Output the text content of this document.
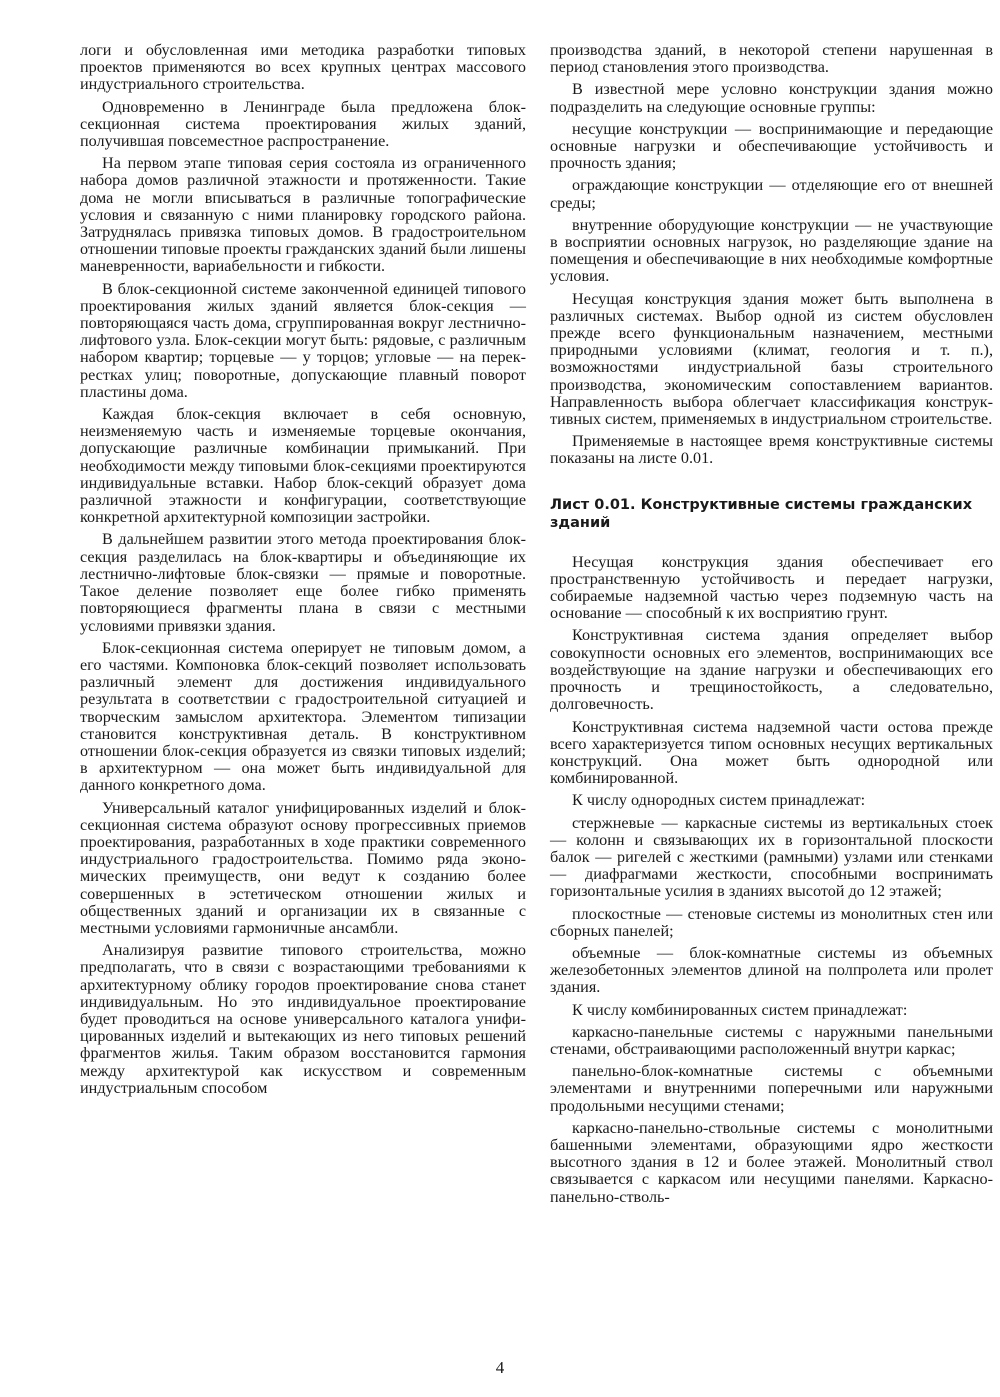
логи и обусловленная ими методика разработки типовых проектов применяются во всех крупных центрах массового индустриального строительства.

Одновременно в Ленинграде была предложена блок-секционная система проектирования жилых зданий, получившая повсеместное распространение.

На первом этапе типовая серия состояла из ограниченного набора домов различной этажности и протяженности. Такие дома не могли вписываться в различные топографические условия и связанную с ними планировку городского района. Затруднялась привязка типовых домов. В градостроительном отношении типовые проекты гражданских зданий были лишены маневренности, вариабельности и гибкости.

В блок-секционной системе законченной единицей типового проектирования жилых зданий является блок-секция — повторяющаяся часть дома, сгруппированная вокруг лестнично-лифтового узла. Блок-секции могут быть: рядовые, с различным набором квартир; торцевые — у торцов; угловые — на перекрестках улиц; поворотные, допускающие плавный поворот пластины дома.

Каждая блок-секция включает в себя основную, неизменяемую часть и изменяемые торцевые окончания, допускающие различные комбинации примыканий. При необходимости между типовыми блок-секциями проектируются индивидуальные вставки. Набор блок-секций образует дома различной этажности и конфигурации, соответствующие конкретной архитектурной композиции застройки.

В дальнейшем развитии этого метода проектирования блок-секция разделилась на блок-квартиры и объединяющие их лестнично-лифтовые блок-связки — прямые и поворотные. Такое деление позволяет еще более гибко применять повторяющиеся фрагменты плана в связи с местными условиями привязки здания.

Блок-секционная система оперирует не типовым домом, а его частями. Компоновка блок-секций позволяет использовать различный элемент для достижения индивидуального результата в соответствии с градостроительной ситуацией и творческим замыслом архитектора. Элементом типизации становится конструктивная деталь. В конструктивном отношении блок-секция образуется из связки типовых изделий; в архитектурном — она может быть индивидуальной для данного конкретного дома.

Универсальный каталог унифицированных изделий и блок-секционная система образуют основу прогрессивных приемов проектирования, разработанных в ходе практики современного индустриального градостроительства. Помимо ряда экономических преимуществ, они ведут к созданию более совершенных в эстетическом отношении жилых и общественных зданий и организации их в связанные с местными условиями гармоничные ансамбли.

Анализируя развитие типового строительства, можно предполагать, что в связи с возрастающими требованиями к архитектурному облику городов проектирование снова станет индивидуальным. Но это индивидуальное проектирование будет проводиться на основе универсального каталога унифицированных изделий и вытекающих из него типовых решений фрагментов жилья. Таким образом восстановится гармония между архитектурой как искусством и современным индустриальным способом

производства зданий, в некоторой степени нарушенная в период становления этого производства.

В известной мере условно конструкции здания можно подразделить на следующие основные группы:

несущие конструкции — воспринимающие и передающие основные нагрузки и обеспечивающие устойчивость и прочность здания;

ограждающие конструкции — отделяющие его от внешней среды;

внутренние оборудующие конструкции — не участвующие в восприятии основных нагрузок, но разделяющие здание на помещения и обеспечивающие в них необходимые комфортные условия.

Несущая конструкция здания может быть выполнена в различных системах. Выбор одной из систем обусловлен прежде всего функциональным назначением, местными природными условиями (климат, геология и т. п.), возможностями индустриальной базы строительного производства, экономическим сопоставлением вариантов. Направленность выбора облегчает классификация конструктивных систем, применяемых в индустриальном строительстве.

Применяемые в настоящее время конструктивные системы показаны на листе 0.01.

Лист 0.01. Конструктивные системы гражданских зданий

Несущая конструкция здания обеспечивает его пространственную устойчивость и передает нагрузки, собираемые надземной частью через подземную часть на основание — способный к их восприятию грунт.

Конструктивная система здания определяет выбор совокупности основных его элементов, воспринимающих все воздействующие на здание нагрузки и обеспечивающих его прочность и трещиностойкость, а следовательно, долговечность.

Конструктивная система надземной части остова прежде всего характеризуется типом основных несущих вертикальных конструкций. Она может быть однородной или комбинированной.

К числу однородных систем принадлежат:

стержневые — каркасные системы из вертикальных стоек — колонн и связывающих их в горизонтальной плоскости балок — ригелей с жесткими (рамными) узлами или стенками — диафрагмами жесткости, способными воспринимать горизонтальные усилия в зданиях высотой до 12 этажей;

плоскостные — стеновые системы из монолитных стен или сборных панелей;

объемные — блок-комнатные системы из объемных железобетонных элементов длиной на полпролета или пролет здания.

К числу комбинированных систем принадлежат:

каркасно-панельные системы с наружными панельными стенами, обстраивающими расположенный внутри каркас;

панельно-блок-комнатные системы с объемными элементами и внутренними поперечными или наружными продольными несущими стенами;

каркасно-панельно-ствольные системы с монолитными башенными элементами, образующими ядро жесткости высотного здания в 12 и более этажей. Монолитный ствол связывается с каркасом или несущими панелями. Каркасно-панельно-стволь-

4
